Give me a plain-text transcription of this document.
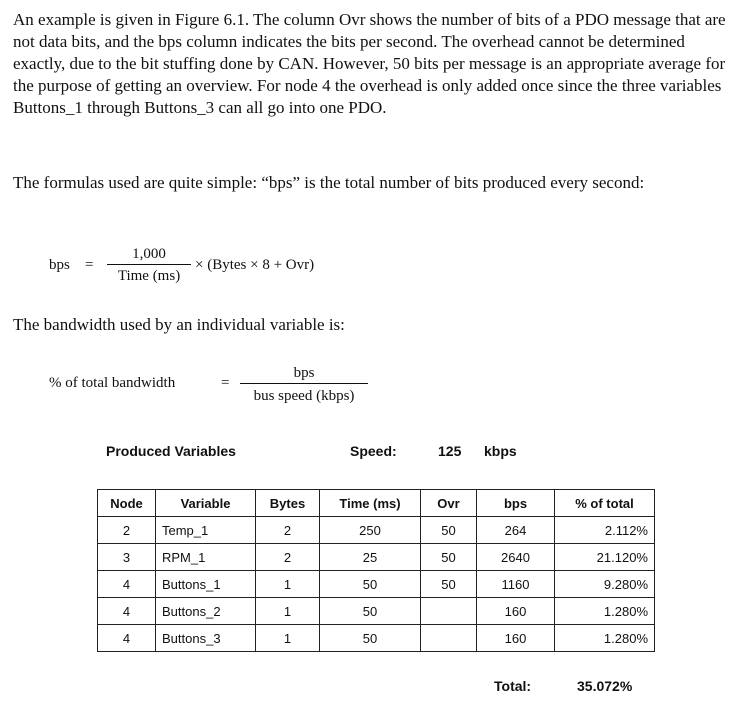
An example is given in Figure 6.1. The column Ovr shows the number of bits of a PDO message that are not data bits, and the bps column indicates the bits per second. The overhead cannot be determined exactly, due to the bit stuffing done by CAN. However, 50 bits per message is an appropriate average for the purpose of getting an overview. For node 4 the overhead is only added once since the three variables Buttons_1 through Buttons_3 can all go into one PDO.

The formulas used are quite simple: “bps” is the total number of bits produced every second:

bps =
1,000
Time (ms)
× (Bytes × 8 + Ovr)

The bandwidth used by an individual variable is:

% of total bandwidth	=
bps
bus speed (kbps)
Produced Variables	Speed:	125 kbps
Node	Variable	Bytes	Time (ms)	Ovr	bps	% of total
2	Temp_1	2	250	50	264	2.112%
3	RPM_1	2	25	50	2640	21.120%
4	Buttons_1	1	50	50	1160	9.280%
4	Buttons_2	1	50		160	1.280%
4	Buttons_3	1	50		160	1.280%
Total:	35.072%
